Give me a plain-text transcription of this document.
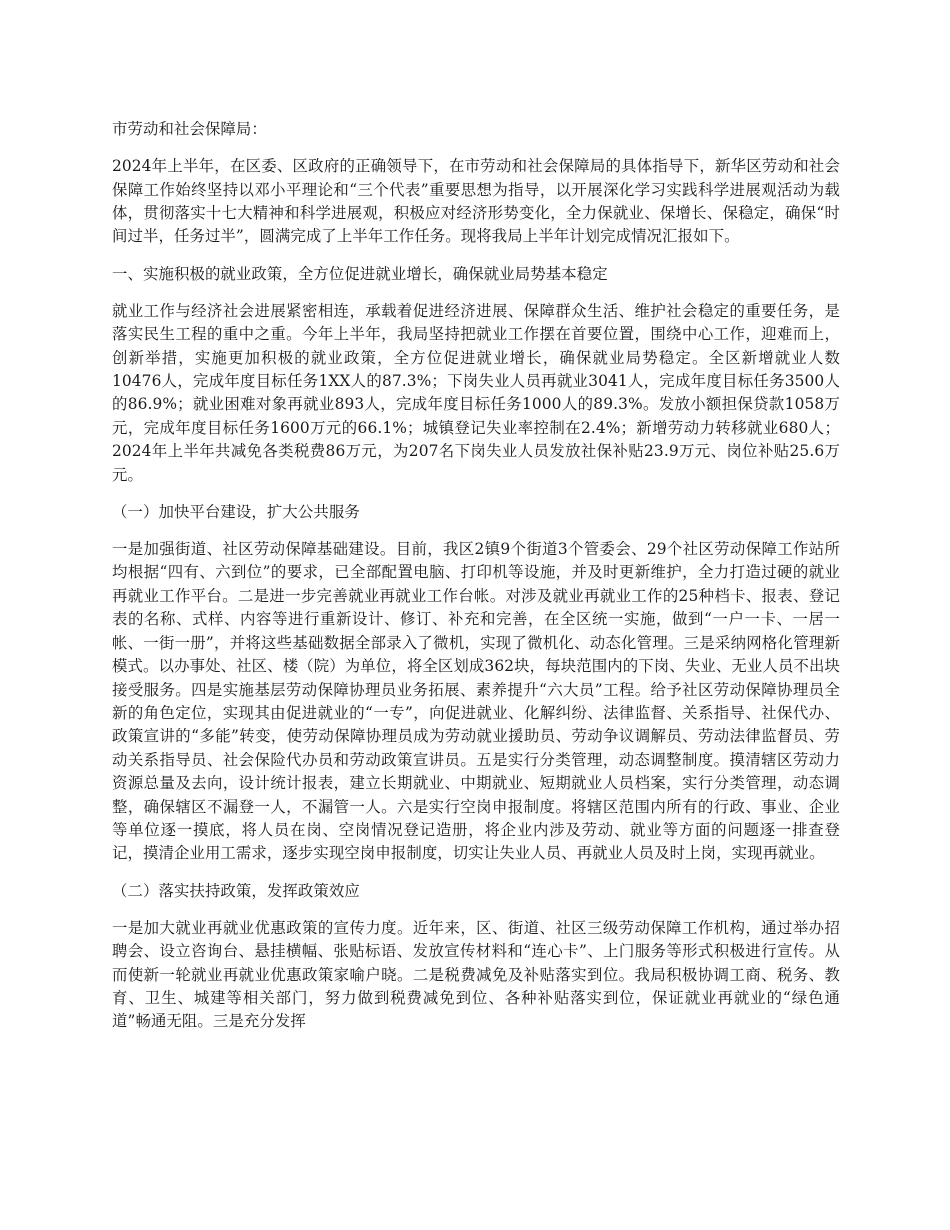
市劳动和社会保障局：

2024年上半年，在区委、区政府的正确领导下，在市劳动和社会保障局的具体指导下，新华区劳动和社会保障工作始终坚持以邓小平理论和“三个代表”重要思想为指导，以开展深化学习实践科学进展观活动为载体，贯彻落实十七大精神和科学进展观，积极应对经济形势变化，全力保就业、保增长、保稳定，确保“时间过半，任务过半”，圆满完成了上半年工作任务。现将我局上半年计划完成情况汇报如下。

一、实施积极的就业政策，全方位促进就业增长，确保就业局势基本稳定

就业工作与经济社会进展紧密相连，承载着促进经济进展、保障群众生活、维护社会稳定的重要任务，是落实民生工程的重中之重。今年上半年，我局坚持把就业工作摆在首要位置，围绕中心工作，迎难而上，创新举措，实施更加积极的就业政策，全方位促进就业增长，确保就业局势稳定。全区新增就业人数10476人，完成年度目标任务1XX人的87.3%；下岗失业人员再就业3041人，完成年度目标任务3500人的86.9%；就业困难对象再就业893人，完成年度目标任务1000人的89.3%。发放小额担保贷款1058万元，完成年度目标任务1600万元的66.1%；城镇登记失业率控制在2.4%；新增劳动力转移就业680人； 2024年上半年共减免各类税费86万元，为207名下岗失业人员发放社保补贴23.9万元、岗位补贴25.6万元。

（一）加快平台建设，扩大公共服务

一是加强街道、社区劳动保障基础建设。目前，我区2镇9个街道3个管委会、29个社区劳动保障工作站所均根据“四有、六到位”的要求，已全部配置电脑、打印机等设施，并及时更新维护，全力打造过硬的就业再就业工作平台。二是进一步完善就业再就业工作台帐。对涉及就业再就业工作的25种档卡、报表、登记表的名称、式样、内容等进行重新设计、修订、补充和完善，在全区统一实施，做到“一户一卡、一居一帐、一街一册”，并将这些基础数据全部录入了微机，实现了微机化、动态化管理。三是采纳网格化管理新模式。以办事处、社区、楼（院）为单位，将全区划成362块，每块范围内的下岗、失业、无业人员不出块接受服务。四是实施基层劳动保障协理员业务拓展、素养提升“六大员”工程。给予社区劳动保障协理员全新的角色定位，实现其由促进就业的“一专”，向促进就业、化解纠纷、法律监督、关系指导、社保代办、政策宣讲的“多能”转变，使劳动保障协理员成为劳动就业援助员、劳动争议调解员、劳动法律监督员、劳动关系指导员、社会保险代办员和劳动政策宣讲员。五是实行分类管理，动态调整制度。摸清辖区劳动力资源总量及去向，设计统计报表，建立长期就业、中期就业、短期就业人员档案，实行分类管理，动态调整，确保辖区不漏登一人，不漏管一人。六是实行空岗申报制度。将辖区范围内所有的行政、事业、企业等单位逐一摸底，将人员在岗、空岗情况登记造册，将企业内涉及劳动、就业等方面的问题逐一排查登记，摸清企业用工需求，逐步实现空岗申报制度，切实让失业人员、再就业人员及时上岗，实现再就业。

（二）落实扶持政策，发挥政策效应

一是加大就业再就业优惠政策的宣传力度。近年来，区、街道、社区三级劳动保障工作机构，通过举办招聘会、设立咨询台、悬挂横幅、张贴标语、发放宣传材料和“连心卡”、上门服务等形式积极进行宣传。从而使新一轮就业再就业优惠政策家喻户晓。二是税费减免及补贴落实到位。我局积极协调工商、税务、教育、卫生、城建等相关部门，努力做到税费减免到位、各种补贴落实到位，保证就业再就业的“绿色通道”畅通无阻。三是充分发挥
